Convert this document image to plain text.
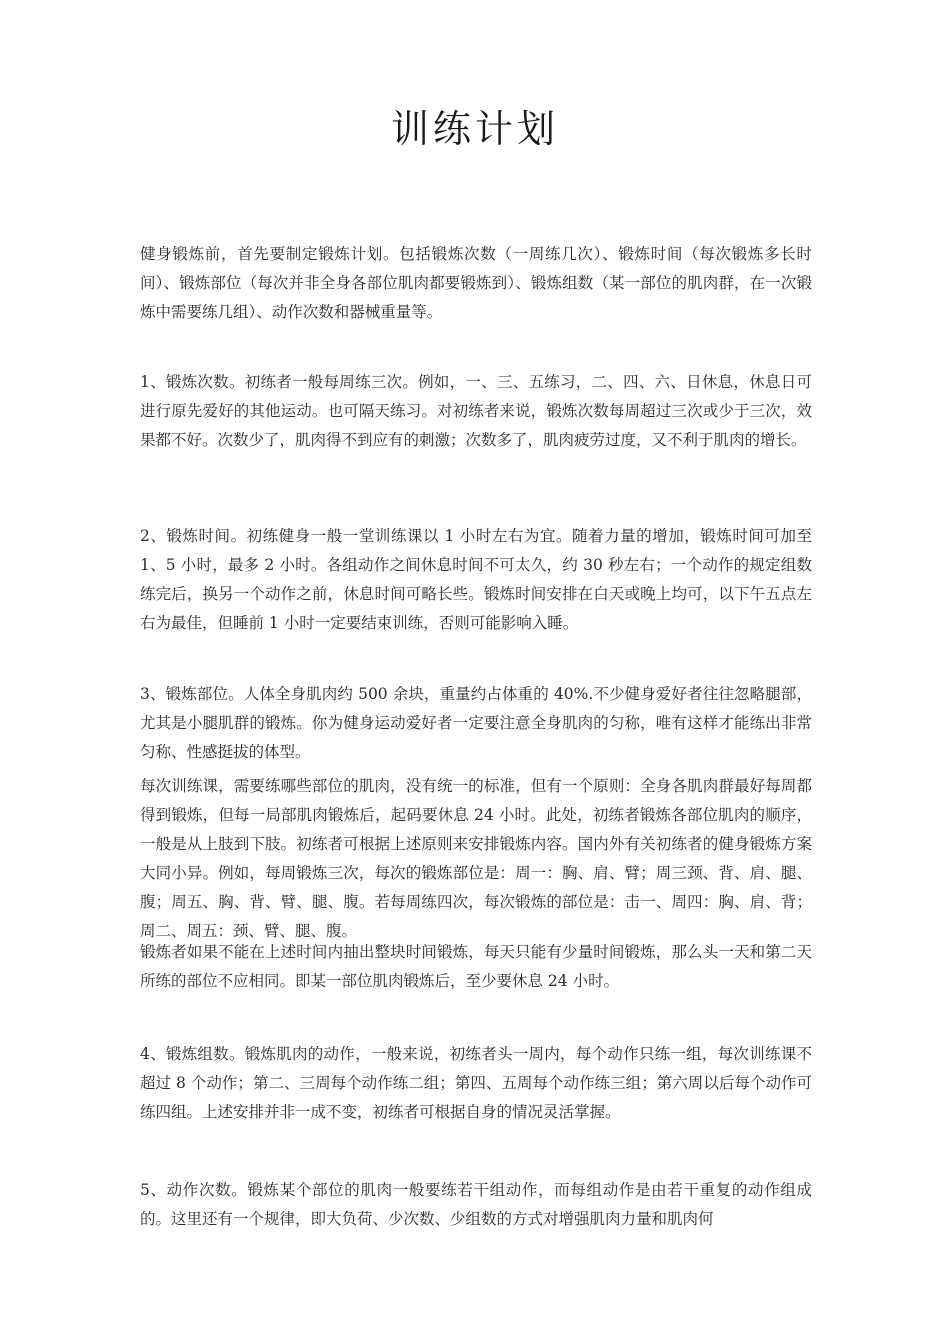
训练计划

健身锻炼前，首先要制定锻炼计划。包括锻炼次数（一周练几次）、锻炼时间（每次锻炼多长时间）、锻炼部位（每次并非全身各部位肌肉都要锻炼到）、锻炼组数（某一部位的肌肉群，在一次锻炼中需要练几组）、动作次数和器械重量等。

1、锻炼次数。初练者一般每周练三次。例如，一、三、五练习，二、四、六、日休息，休息日可进行原先爱好的其他运动。也可隔天练习。对初练者来说，锻炼次数每周超过三次或少于三次，效果都不好。次数少了，肌肉得不到应有的刺激；次数多了，肌肉疲劳过度，又不利于肌肉的增长。

2、锻炼时间。初练健身一般一堂训练课以 1 小时左右为宜。随着力量的增加，锻炼时间可加至 1、5 小时，最多 2 小时。各组动作之间休息时间不可太久，约 30 秒左右；一个动作的规定组数练完后，换另一个动作之前，休息时间可略长些。锻炼时间安排在白天或晚上均可，以下午五点左右为最佳，但睡前 1 小时一定要结束训练，否则可能影响入睡。

3、锻炼部位。人体全身肌肉约 500 余块，重量约占体重的 40%.不少健身爱好者往往忽略腿部，尤其是小腿肌群的锻炼。你为健身运动爱好者一定要注意全身肌肉的匀称，唯有这样才能练出非常匀称、性感挺拔的体型。

每次训练课，需要练哪些部位的肌肉，没有统一的标准，但有一个原则：全身各肌肉群最好每周都得到锻炼，但每一局部肌肉锻炼后，起码要休息 24 小时。此处，初练者锻炼各部位肌肉的顺序，一般是从上肢到下肢。初练者可根据上述原则来安排锻炼内容。国内外有关初练者的健身锻炼方案大同小异。例如，每周锻炼三次，每次的锻炼部位是：周一：胸、肩、臂；周三颈、背、肩、腿、腹；周五、胸、背、臂、腿、腹。若每周练四次，每次锻炼的部位是：击一、周四：胸、肩、背；周二、周五：颈、臂、腿、腹。

锻炼者如果不能在上述时间内抽出整块时间锻炼，每天只能有少量时间锻炼，那么头一天和第二天所练的部位不应相同。即某一部位肌肉锻炼后，至少要休息 24 小时。

4、锻炼组数。锻炼肌肉的动作，一般来说，初练者头一周内，每个动作只练一组，每次训练课不超过 8 个动作；第二、三周每个动作练二组；第四、五周每个动作练三组；第六周以后每个动作可练四组。上述安排并非一成不变，初练者可根据自身的情况灵活掌握。

5、动作次数。锻炼某个部位的肌肉一般要练若干组动作，而每组动作是由若干重复的动作组成的。这里还有一个规律，即大负荷、少次数、少组数的方式对增强肌肉力量和肌肉何
